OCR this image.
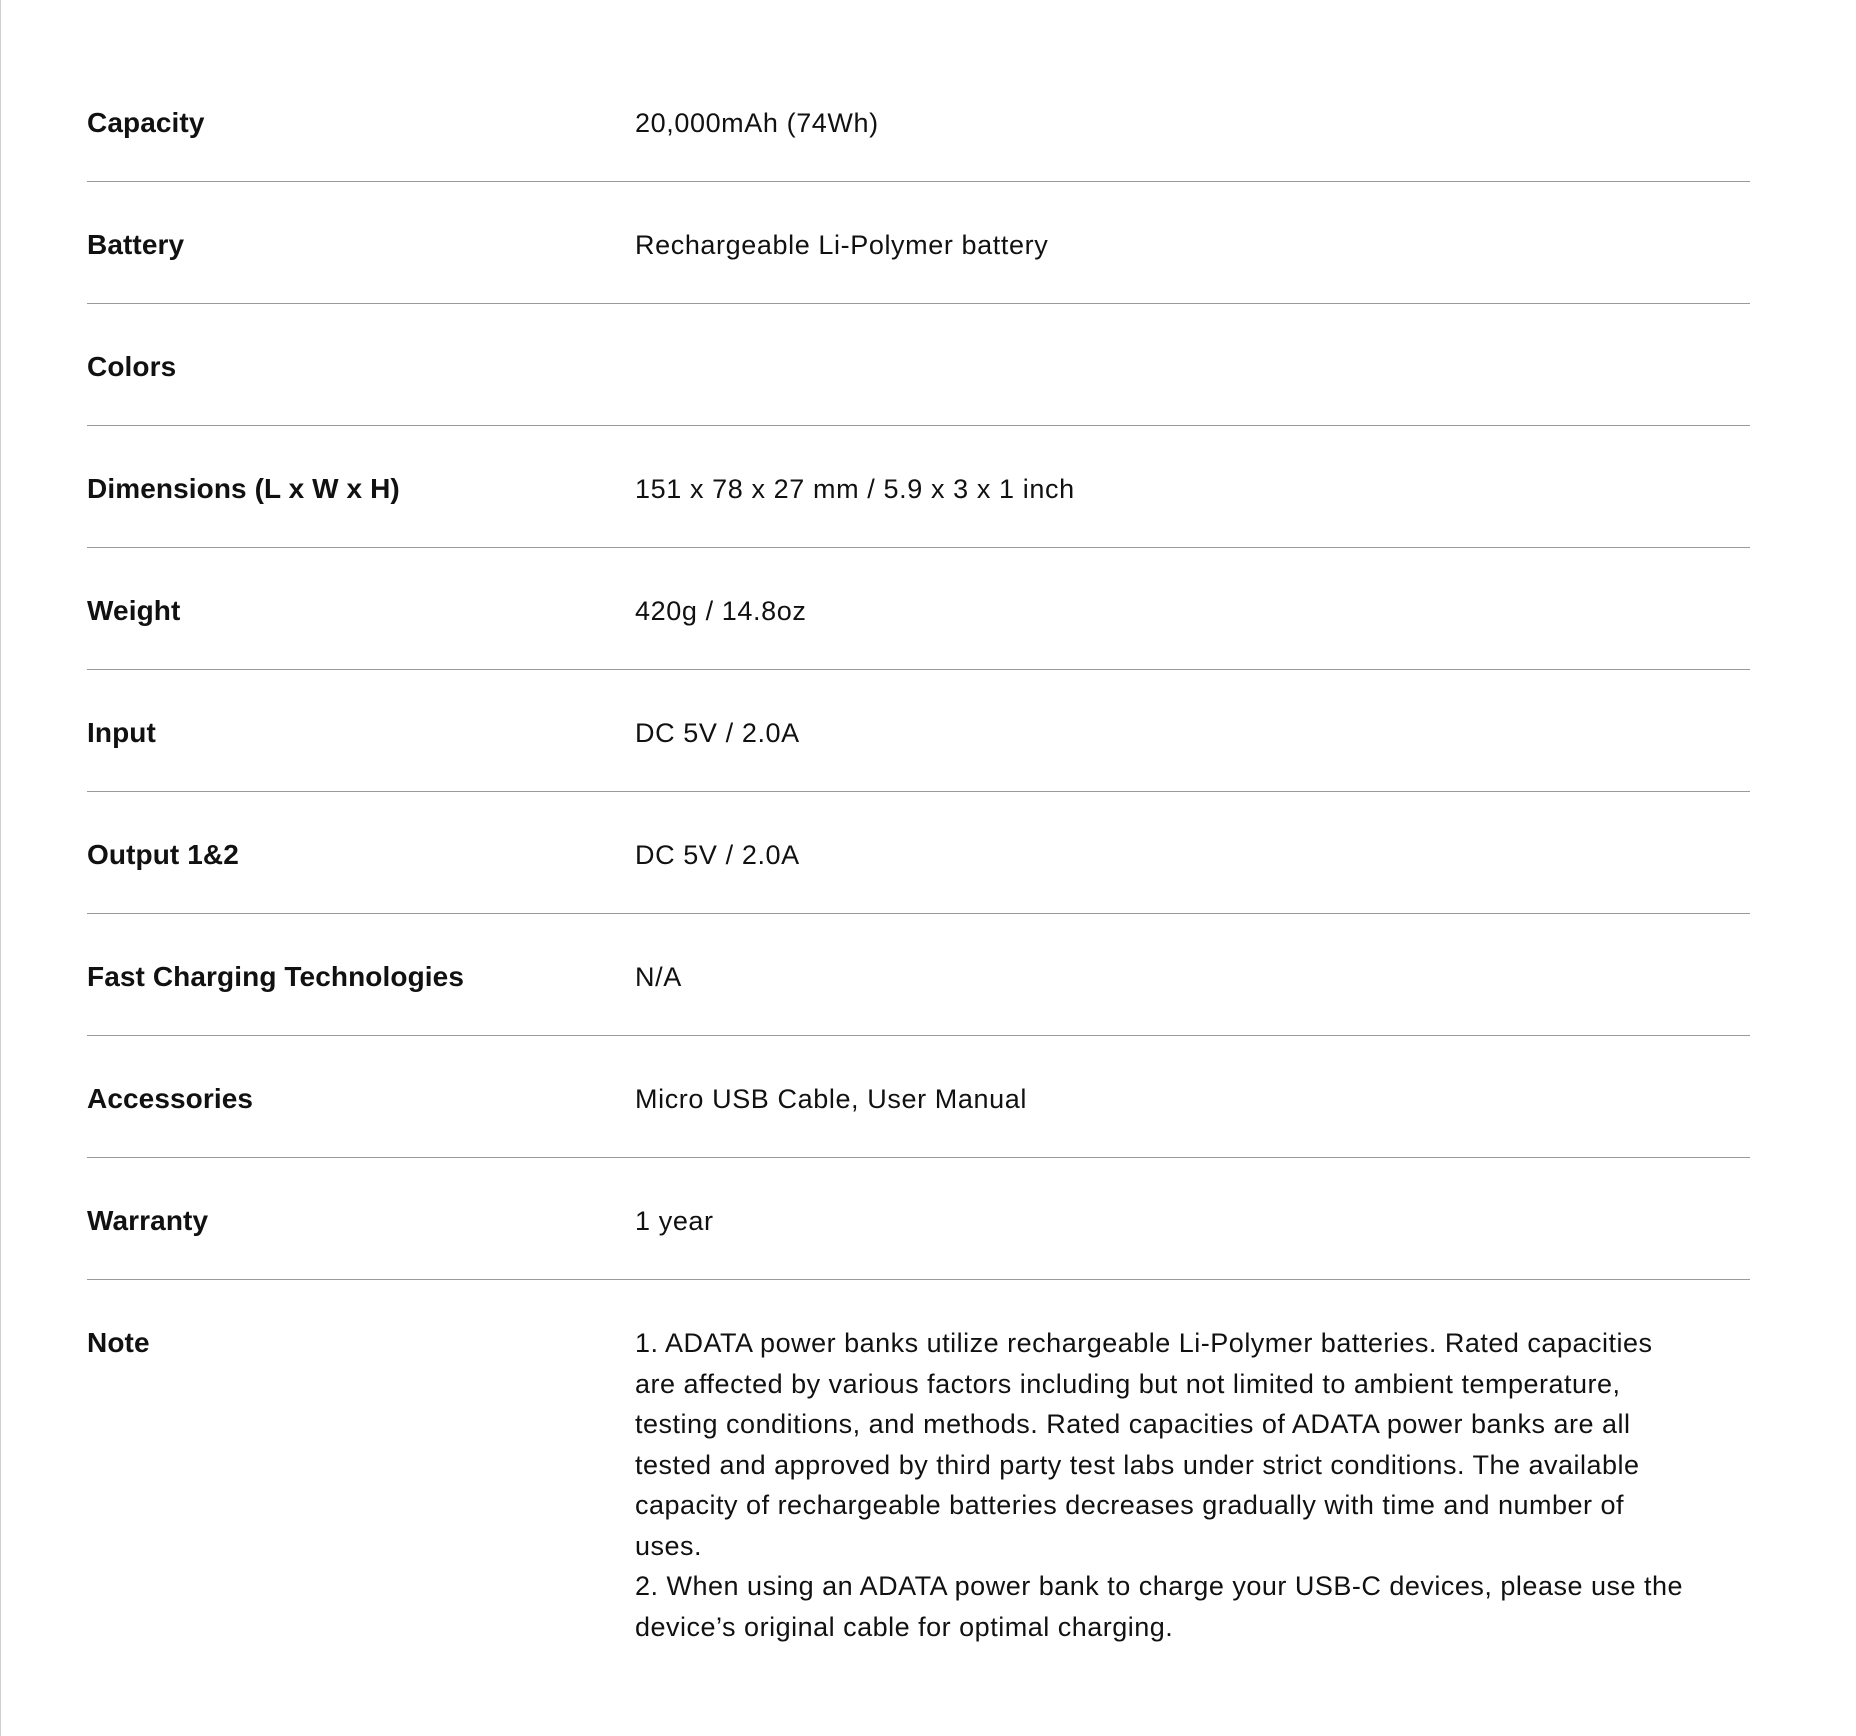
Capacity	20,000mAh (74Wh)
Battery	Rechargeable Li-Polymer battery
Colors
Dimensions (L x W x H)	151 x 78 x 27 mm / 5.9 x 3 x 1 inch
Weight	420g / 14.8oz
Input	DC 5V / 2.0A
Output 1&2	DC 5V / 2.0A
Fast Charging Technologies	N/A
Accessories	Micro USB Cable, User Manual
Warranty	1 year
Note	1. ADATA power banks utilize rechargeable Li-Polymer batteries. Rated capacities
are affected by various factors including but not limited to ambient temperature,
testing conditions, and methods. Rated capacities of ADATA power banks are all
tested and approved by third party test labs under strict conditions. The available
capacity of rechargeable batteries decreases gradually with time and number of
uses.
2. When using an ADATA power bank to charge your USB-C devices, please use the
device’s original cable for optimal charging.
